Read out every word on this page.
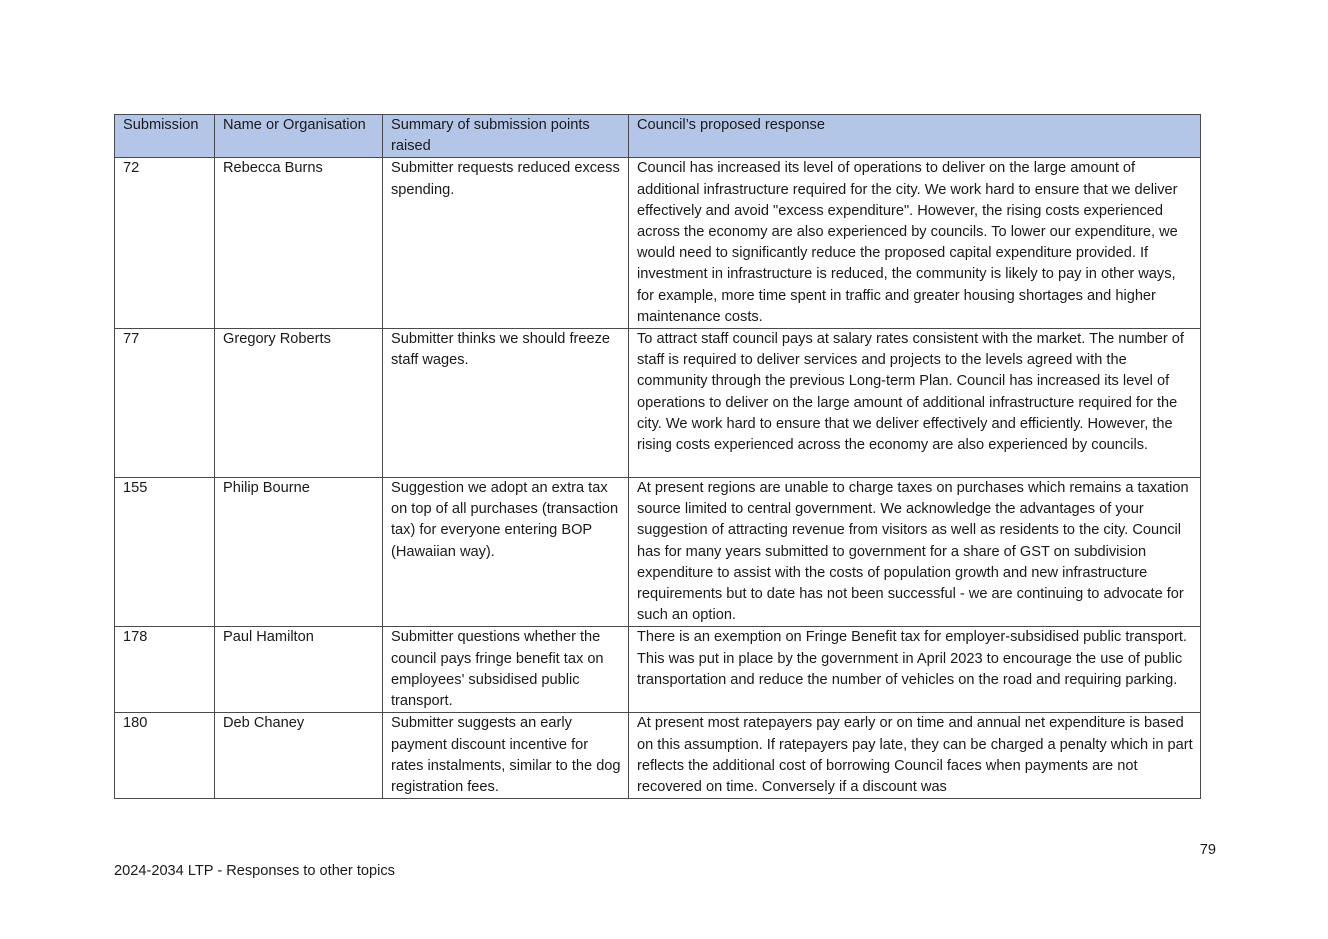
Submission	Name or Organisation	Summary of submission points raised	Council’s proposed response
72	Rebecca Burns	Submitter requests reduced excess spending.	Council has increased its level of operations to deliver on the large amount of additional infrastructure required for the city. We work hard to ensure that we deliver effectively and avoid "excess expenditure". However, the rising costs experienced across the economy are also experienced by councils. To lower our expenditure, we would need to significantly reduce the proposed capital expenditure provided. If investment in infrastructure is reduced, the community is likely to pay in other ways, for example, more time spent in traffic and greater housing shortages and higher maintenance costs.
77	Gregory Roberts	Submitter thinks we should freeze staff wages.	To attract staff council pays at salary rates consistent with the market. The number of staff is required to deliver services and projects to the levels agreed with the community through the previous Long-term Plan. Council has increased its level of operations to deliver on the large amount of additional infrastructure required for the city. We work hard to ensure that we deliver effectively and efficiently. However, the rising costs experienced across the economy are also experienced by councils.
155	Philip Bourne	Suggestion we adopt an extra tax on top of all purchases (transaction tax) for everyone entering BOP (Hawaiian way).	At present regions are unable to charge taxes on purchases which remains a taxation source limited to central government. We acknowledge the advantages of your suggestion of attracting revenue from visitors as well as residents to the city. Council has for many years submitted to government for a share of GST on subdivision expenditure to assist with the costs of population growth and new infrastructure requirements but to date has not been successful - we are continuing to advocate for such an option.
178	Paul Hamilton	Submitter questions whether the council pays fringe benefit tax on employees' subsidised public transport.	There is an exemption on Fringe Benefit tax for employer-subsidised public transport. This was put in place by the government in April 2023 to encourage the use of public transportation and reduce the number of vehicles on the road and requiring parking.
180	Deb Chaney	Submitter suggests an early payment discount incentive for rates instalments, similar to the dog registration fees.	At present most ratepayers pay early or on time and annual net expenditure is based on this assumption. If ratepayers pay late, they can be charged a penalty which in part reflects the additional cost of borrowing Council faces when payments are not recovered on time. Conversely if a discount was
79
2024-2034 LTP - Responses to other topics
